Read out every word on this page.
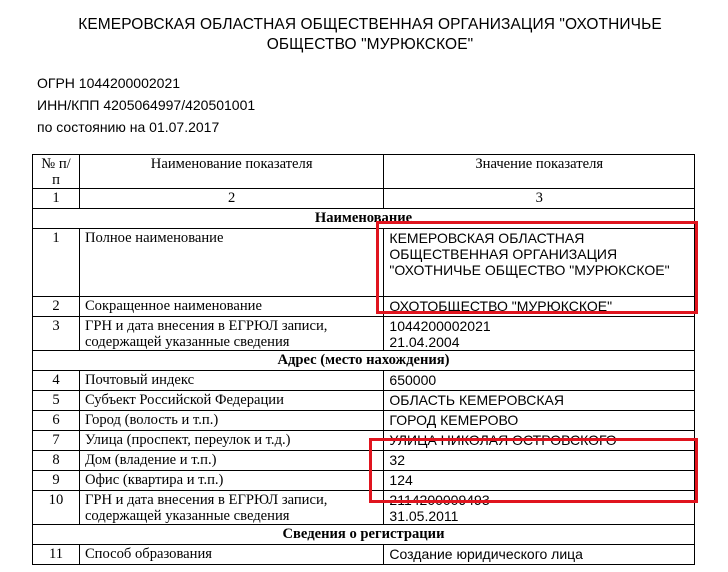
КЕМЕРОВСКАЯ ОБЛАСТНАЯ ОБЩЕСТВЕННАЯ ОРГАНИЗАЦИЯ "ОХОТНИЧЬЕ ОБЩЕСТВО "МУРЮКСКОЕ"
ОГРН 1044200002021
ИНН/КПП 4205064997/420501001
по состоянию на 01.07.2017
№ п/п	Наименование показателя	Значение показателя
1	2	3
Наименование		
1	Полное наименование	КЕМЕРОВСКАЯ ОБЛАСТНАЯ ОБЩЕСТВЕННАЯ ОРГАНИЗАЦИЯ "ОХОТНИЧЬЕ ОБЩЕСТВО "МУРЮКСКОЕ"
2	Сокращенное наименование	ОХОТОБЩЕСТВО "МУРЮКСКОЕ"
3	ГРН и дата внесения в ЕГРЮЛ записи, содержащей указанные сведения	1044200002021
21.04.2004

Адрес (место нахождения)		
4	Почтовый индекс	650000
5	Субъект Российской Федерации	ОБЛАСТЬ КЕМЕРОВСКАЯ
6	Город (волость и т.п.)	ГОРОД КЕМЕРОВО
7	Улица (проспект, переулок и т.д.)	УЛИЦА НИКОЛАЯ ОСТРОВСКОГО
8	Дом (владение и т.п.)	32
9	Офис (квартира и т.п.)	124
10	ГРН и дата внесения в ЕГРЮЛ записи, содержащей указанные сведения	2114200009493
31.05.2011

Сведения о регистрации		
11	Способ образования	Создание юридического лица
